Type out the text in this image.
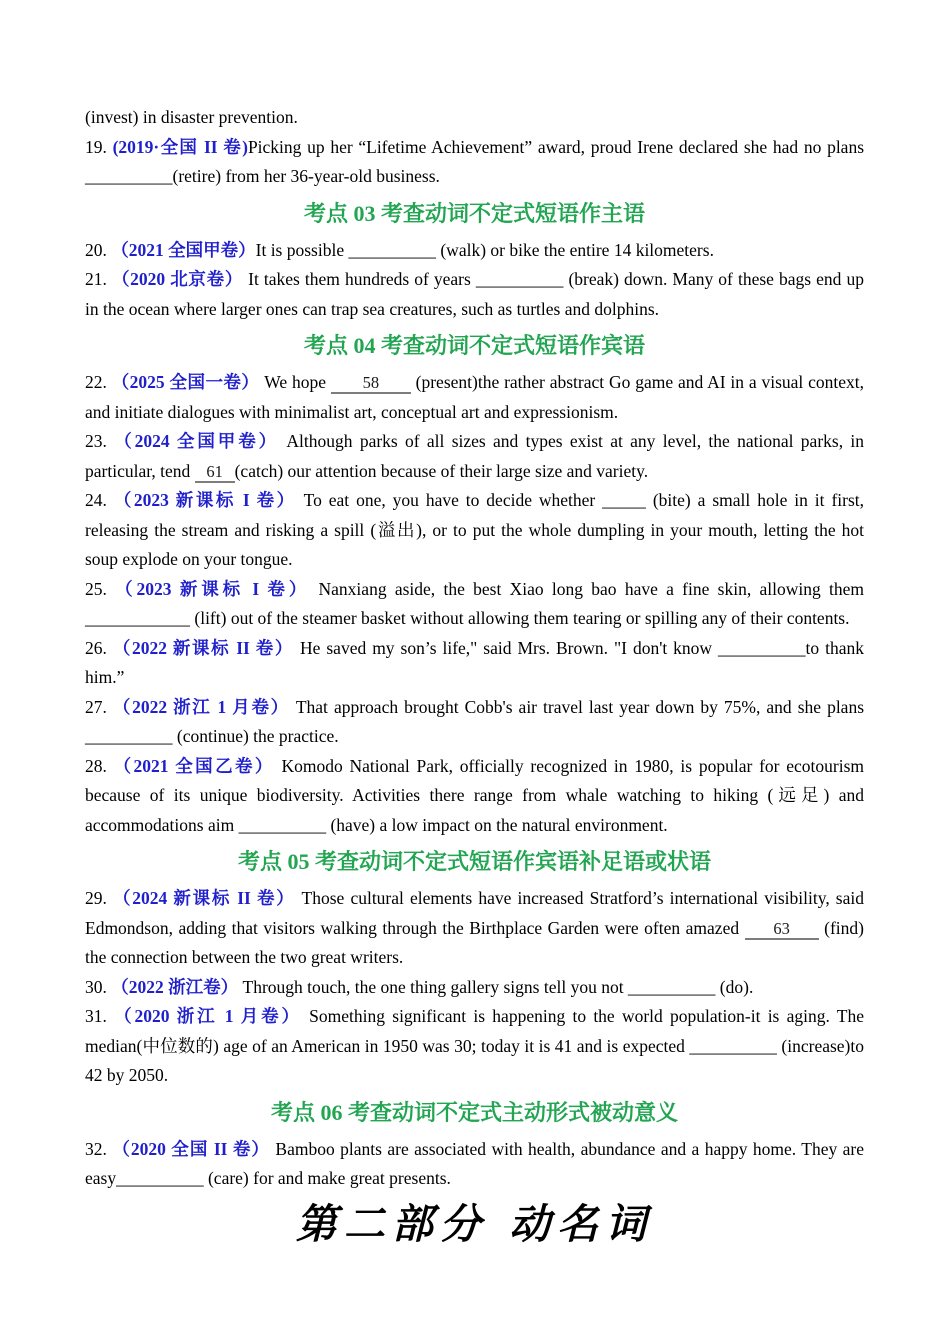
(invest) in disaster prevention.

19. (2019·全国 II 卷)Picking up her “Lifetime Achievement” award, proud Irene declared she had no plans __________(retire) from her 36-year-old business.

考点 03 考查动词不定式短语作主语

20. （2021 全国甲卷）It is possible __________ (walk) or bike the entire 14 kilometers.

21. （2020 北京卷） It takes them hundreds of years __________ (break) down. Many of these bags end up in the ocean where larger ones can trap sea creatures, such as turtles and dolphins.

考点 04 考查动词不定式短语作宾语

22. （2025 全国一卷） We hope 58 (present)the rather abstract Go game and AI in a visual context, and initiate dialogues with minimalist art, conceptual art and expressionism.

23. （2024 全国甲卷） Although parks of all sizes and types exist at any level, the national parks, in particular, tend 61 (catch) our attention because of their large size and variety.

24. （2023 新课标 I 卷） To eat one, you have to decide whether _____ (bite) a small hole in it first, releasing the stream and risking a spill (溢出), or to put the whole dumpling in your mouth, letting the hot soup explode on your tongue.

25. （2023 新课标 I 卷） Nanxiang aside, the best Xiao long bao have a fine skin, allowing them ____________ (lift) out of the steamer basket without allowing them tearing or spilling any of their contents.

26. （2022 新课标 II 卷） He saved my son’s life," said Mrs. Brown. "I don't know __________to thank him.”

27. （2022 浙江 1 月卷） That approach brought Cobb's air travel last year down by 75%, and she plans __________ (continue) the practice.

28. （2021 全国乙卷） Komodo National Park, officially recognized in 1980, is popular for ecotourism because of its unique biodiversity. Activities there range from whale watching to hiking (远足) and accommodations aim __________ (have) a low impact on the natural environment.

考点 05 考查动词不定式短语作宾语补足语或状语

29. （2024 新课标 II 卷） Those cultural elements have increased Stratford’s international visibility, said Edmondson, adding that visitors walking through the Birthplace Garden were often amazed 63 (find) the connection between the two great writers.

30. （2022 浙江卷） Through touch, the one thing gallery signs tell you not __________ (do).

31. （2020 浙江 1 月卷） Something significant is happening to the world population-it is aging. The median(中位数的) age of an American in 1950 was 30; today it is 41 and is expected __________ (increase)to 42 by 2050.

考点 06 考查动词不定式主动形式被动意义

32. （2020 全国 II 卷） Bamboo plants are associated with health, abundance and a happy home. They are easy__________ (care) for and make great presents.

第二部分 动名词
